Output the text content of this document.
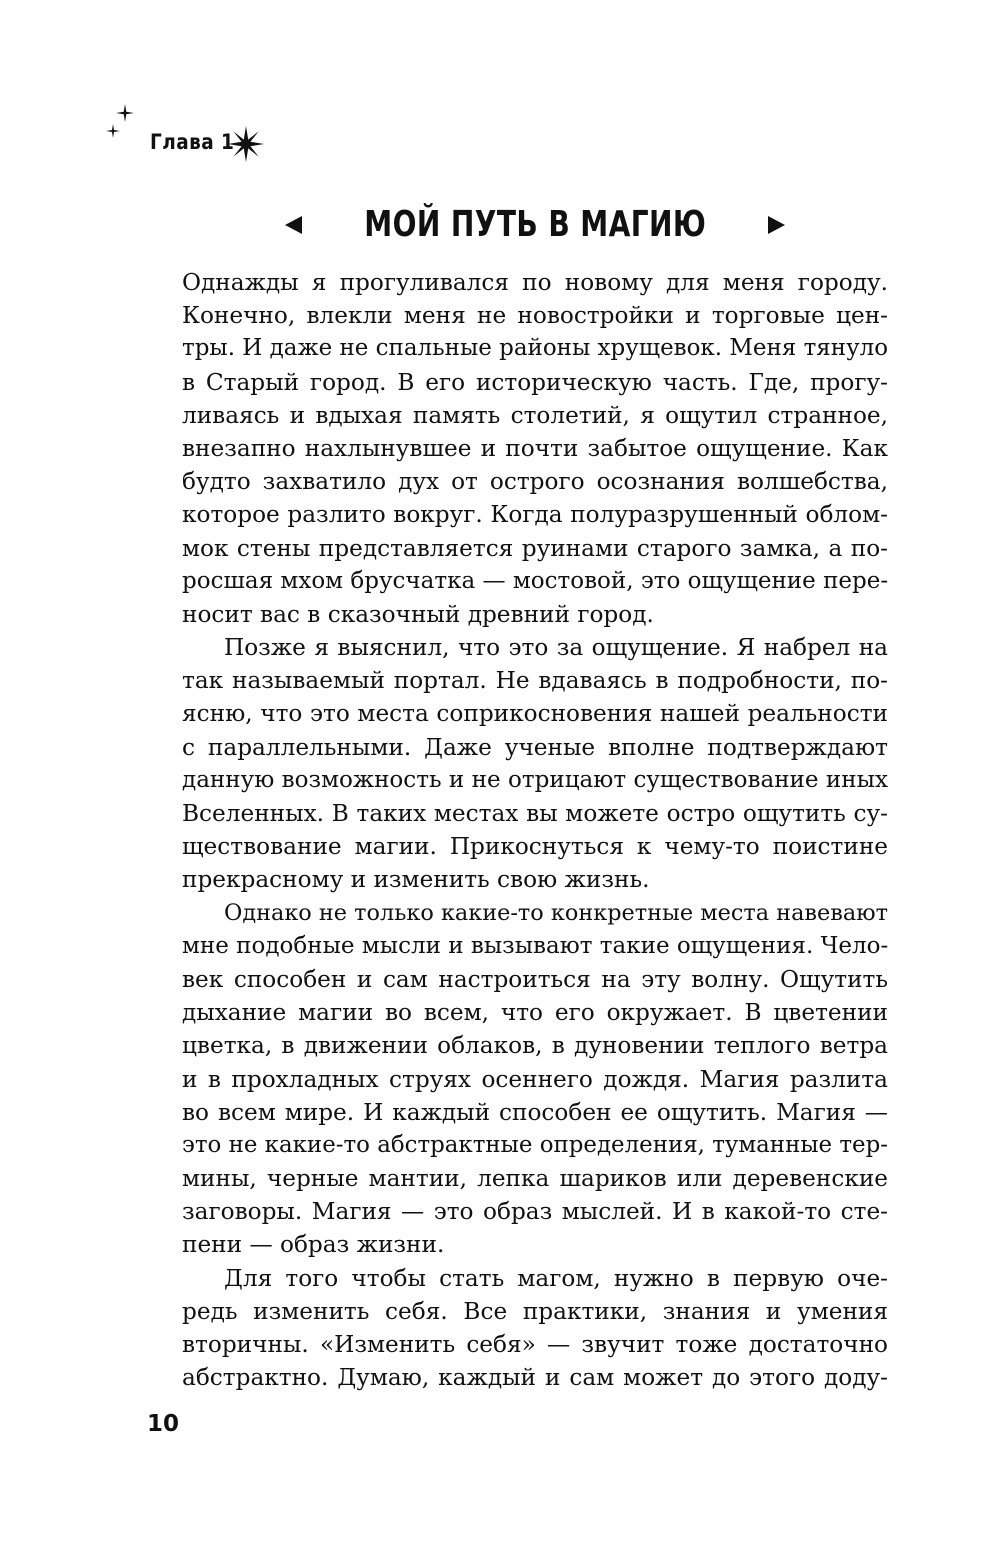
Глава 1
МОЙ ПУТЬ В МАГИЮ
Однажды я прогуливался по новому для меня городу.
Конечно, влекли меня не новостройки и торговые цен-
тры. И даже не спальные районы хрущевок. Меня тянуло
в Старый город. В его историческую часть. Где, прогу-
ливаясь и вдыхая память столетий, я ощутил странное,
внезапно нахлынувшее и почти забытое ощущение. Как
будто захватило дух от острого осознания волшебства,
которое разлито вокруг. Когда полуразрушенный облом-
мок стены представляется руинами старого замка, а по-
росшая мхом брусчатка — мостовой, это ощущение пере-
носит вас в сказочный древний город.
Позже я выяснил, что это за ощущение. Я набрел на
так называемый портал. Не вдаваясь в подробности, по-
ясню, что это места соприкосновения нашей реальности
с параллельными. Даже ученые вполне подтверждают
данную возможность и не отрицают существование иных
Вселенных. В таких местах вы можете остро ощутить су-
ществование магии. Прикоснуться к чему-то поистине
прекрасному и изменить свою жизнь.
Однако не только какие-то конкретные места навевают
мне подобные мысли и вызывают такие ощущения. Чело-
век способен и сам настроиться на эту волну. Ощутить
дыхание магии во всем, что его окружает. В цветении
цветка, в движении облаков, в дуновении теплого ветра
и в прохладных струях осеннего дождя. Магия разлита
во всем мире. И каждый способен ее ощутить. Магия —
это не какие-то абстрактные определения, туманные тер-
мины, черные мантии, лепка шариков или деревенские
заговоры. Магия — это образ мыслей. И в какой-то сте-
пени — образ жизни.
Для того чтобы стать магом, нужно в первую оче-
редь изменить себя. Все практики, знания и умения
вторичны. «Изменить себя» — звучит тоже достаточно
абстрактно. Думаю, каждый и сам может до этого доду-
10
